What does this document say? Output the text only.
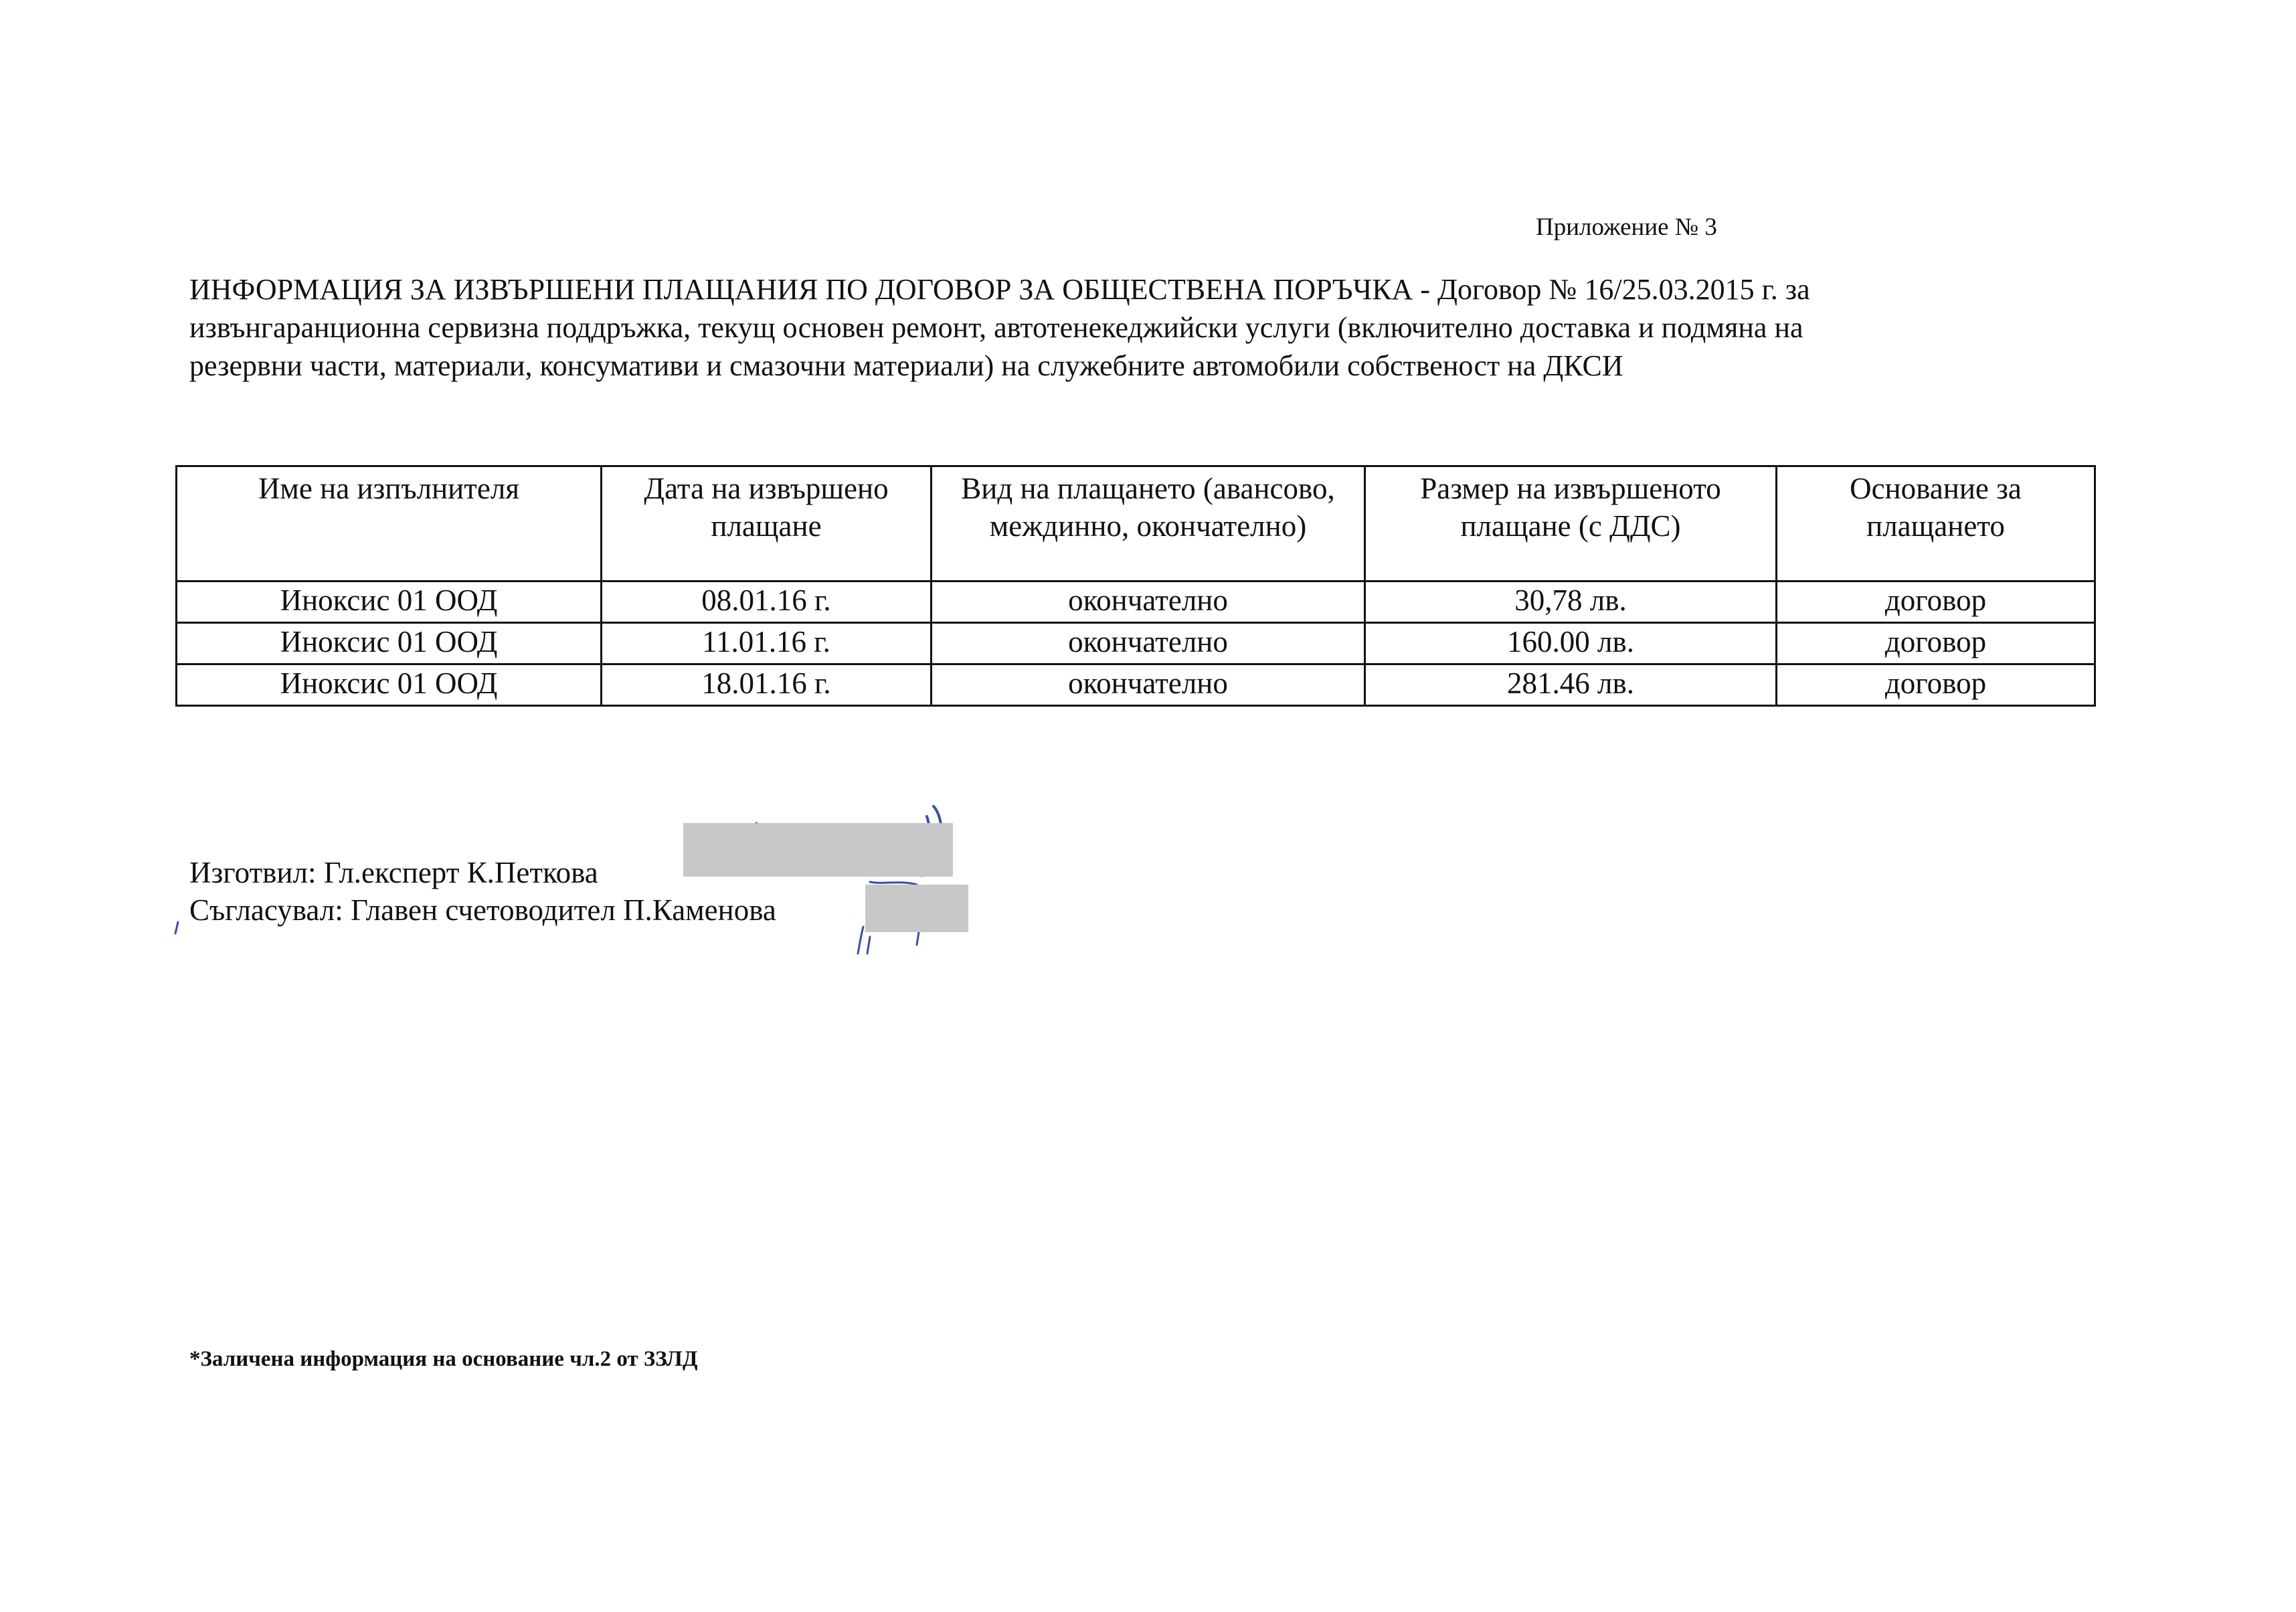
Приложение № 3
ИНФОРМАЦИЯ ЗА ИЗВЪРШЕНИ ПЛАЩАНИЯ ПО ДОГОВОР ЗА ОБЩЕСТВЕНА ПОРЪЧКА - Договор № 16/25.03.2015 г. за
извънгаранционна сервизна поддръжка, текущ основен ремонт, автотенекеджийски услуги (включително доставка и подмяна на
резервни части, материали, консумативи и смазочни материали) на служебните автомобили собственост на ДКСИ
Име на изпълнителя	Дата на извършено плащане	Вид на плащането (авансово, междинно, окончателно)	Размер на извършеното плащане (с ДДС)	Основание за плащането
Иноксис 01 ООД	08.01.16 г.	окончателно	30,78 лв.	договор
Иноксис 01 ООД	11.01.16 г.	окончателно	160.00 лв.	договор
Иноксис 01 ООД	18.01.16 г.	окончателно	281.46 лв.	договор
Изготвил: Гл.експерт К.Петкова
Съгласувал: Главен счетоводител П.Каменова
*Заличена информация на основание чл.2 от ЗЗЛД
